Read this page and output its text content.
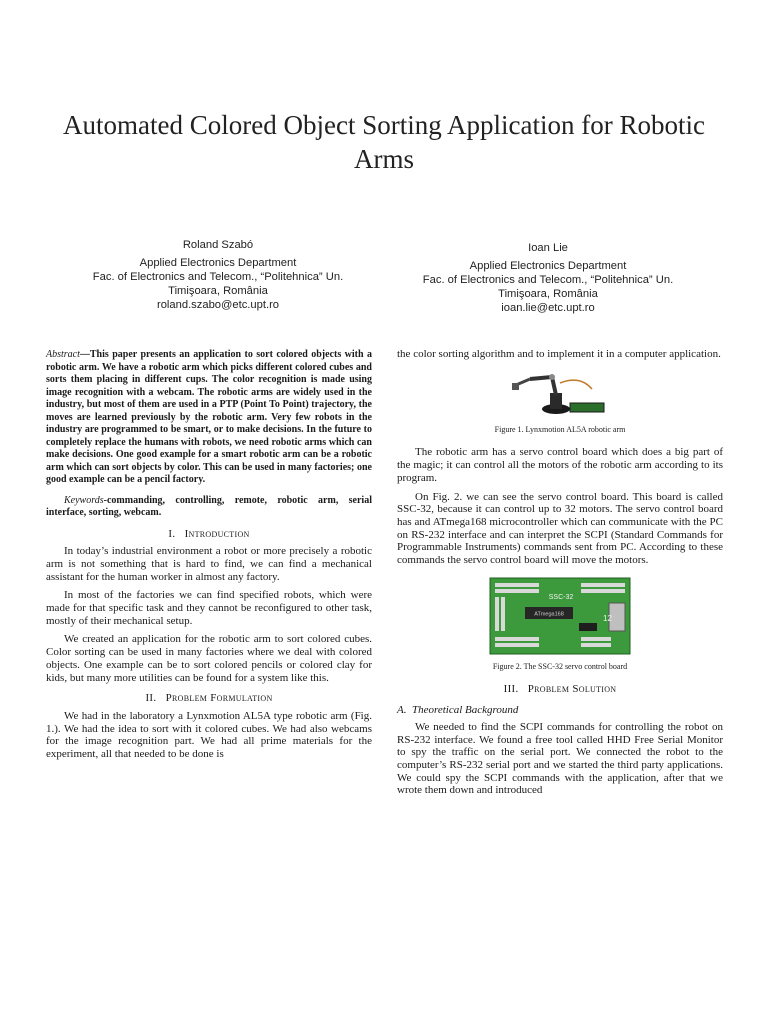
Automated Colored Object Sorting Application for Robotic Arms
Roland Szabó
Applied Electronics Department
Fac. of Electronics and Telecom., “Politehnica” Un.
Timişoara, România
roland.szabo@etc.upt.ro
Ioan Lie
Applied Electronics Department
Fac. of Electronics and Telecom., “Politehnica” Un.
Timişoara, România
ioan.lie@etc.upt.ro
Abstract—This paper presents an application to sort colored objects with a robotic arm. We have a robotic arm which picks different colored cubes and sorts them placing in different cups. The color recognition is made using image recognition with a webcam. The robotic arms are widely used in the industry, but most of them are used in a PTP (Point To Point) trajectory, the moves are learned previously by the robotic arm. Very few robots in the industry are programmed to be smart, or to make decisions. In the future to completely replace the humans with robots, we need robotic arms which can make decisions. One good example for a smart robotic arm can be a robotic arm which can sort objects by color. This can be used in many factories; one good example can be a pencil factory.
Keywords-commanding, controlling, remote, robotic arm, serial interface, sorting, webcam.
I. Introduction

In today’s industrial environment a robot or more precisely a robotic arm is not something that is hard to find, we can find a mechanical assistant for the human worker in almost any factory.

In most of the factories we can find specified robots, which were made for that specific task and they cannot be reconfigured to other task, mostly of their mechanical setup.

We created an application for the robotic arm to sort colored cubes. Color sorting can be used in many factories where we deal with colored objects. One example can be to sort colored pencils or colored clay for kids, but many more utilities can be found for a system like this.

II. Problem Formulation

We had in the laboratory a Lynxmotion AL5A type robotic arm (Fig. 1.). We had the idea to sort with it colored cubes. We had also webcams for the image recognition part. We had all prime materials for the experiment, all that needed to be done is

the color sorting algorithm and to implement it in a computer application.

Figure 1. Lynxmotion AL5A robotic arm

The robotic arm has a servo control board which does a big part of the magic; it can control all the motors of the robotic arm according to its program.

On Fig. 2. we can see the servo control board. This board is called SSC-32, because it can control up to 32 motors. The servo control board has and ATmega168 microcontroller which can communicate with the PC on RS-232 interface and can interpret the SCPI (Standard Commands for Programmable Instruments) commands sent from PC. According to these commands the servo control board will move the motors.

ATmega168
SSC-32
12
Figure 2. The SSC-32 servo control board
III. Problem Solution
A. Theoretical Background

We needed to find the SCPI commands for controlling the robot on RS-232 interface. We found a free tool called HHD Free Serial Monitor to spy the traffic on the serial port. We connected the robot to the computer’s RS-232 serial port and we started the third party applications. We could spy the SCPI commands with the application, after that we wrote them down and introduced
